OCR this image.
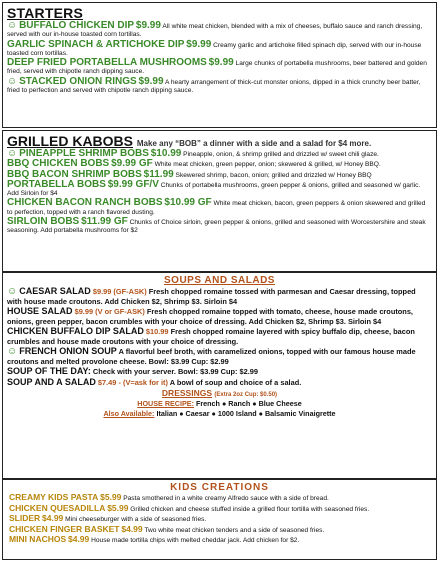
STARTERS
☺ BUFFALO CHICKEN DIP $9.99 All white meat chicken, blended with a mix of cheeses, buffalo sauce and ranch dressing, served with our in-house toasted corn tortillas.
GARLIC SPINACH & ARTICHOKE DIP $9.99 Creamy garlic and artichoke filled spinach dip, served with our in-house toasted corn tortillas.
DEEP FRIED PORTABELLA MUSHROOMS $9.99 Large chunks of portabella mushrooms, beer battered and golden fried, served with chipotle ranch dipping sauce.
☺ STACKED ONION RINGS $9.99 A hearty arrangement of thick-cut monster onions, dipped in a thick crunchy beer batter, fried to perfection and served with chipotle ranch dipping sauce.
GRILLED KABOBS Make any “BOB” a dinner with a side and a salad for $4 more.
☺ PINEAPPLE SHRIMP BOBS $10.99 Pineapple, onion, & shrimp grilled and drizzled w/ sweet chili glaze.
BBQ CHICKEN BOBS $9.99 GF White meat chicken, green pepper, onion; skewered & grilled, w/ Honey BBQ.
BBQ BACON SHRIMP BOBS $11.99 Skewered shrimp, bacon, onion; grilled and drizzled w/ Honey BBQ
PORTABELLA BOBS $9.99 GF/V Chunks of portabella mushrooms, green pepper & onions, grilled and seasoned w/ garlic. Add Sirloin for $4
CHICKEN BACON RANCH BOBS $10.99 GF White meat chicken, bacon, green peppers & onion skewered and grilled to perfection, topped with a ranch flavored dusting.
SIRLOIN BOBS $11.99 GF Chunks of Choice sirloin, green pepper & onions, grilled and seasoned with Worcestershire and steak seasoning. Add portabella mushrooms for $2
SOUPS AND SALADS
☺ CAESAR SALAD $9.99 (GF-ASK) Fresh chopped romaine tossed with parmesan and Caesar dressing, topped with house made croutons. Add Chicken $2, Shrimp $3. Sirloin $4
HOUSE SALAD $9.99 (V or GF-ASK) Fresh chopped romaine topped with tomato, cheese, house made croutons, onions, green pepper, bacon crumbles with your choice of dressing. Add Chicken $2, Shrimp $3. Sirloin $4
CHICKEN BUFFALO DIP SALAD $10.99 Fresh chopped romaine layered with spicy buffalo dip, cheese, bacon crumbles and house made croutons with your choice of dressing.
☺ FRENCH ONION SOUP A flavorful beef broth, with caramelized onions, topped with our famous house made croutons and melted provolone cheese. Bowl: $3.99 Cup: $2.99
SOUP OF THE DAY: Check with your server. Bowl: $3.99 Cup: $2.99
SOUP AND A SALAD $7.49 - (V=ask for it) A bowl of soup and choice of a salad.
DRESSINGS (Extra 2oz Cup: $0.50)
HOUSE RECIPE: French ● Ranch ● Blue Cheese
Also Available: Italian ● Caesar ● 1000 Island ● Balsamic Vinaigrette
KIDS CREATIONS
CREAMY KIDS PASTA $5.99 Pasta smothered in a white creamy Alfredo sauce with a side of bread.
CHICKEN QUESADILLA $5.99 Grilled chicken and cheese stuffed inside a grilled flour tortilla with seasoned fries.
SLIDER $4.99 Mini cheeseburger with a side of seasoned fries.
CHICKEN FINGER BASKET $4.99 Two white meat chicken tenders and a side of seasoned fries.
MINI NACHOS $4.99 House made tortilla chips with melted cheddar jack. Add chicken for $2.
